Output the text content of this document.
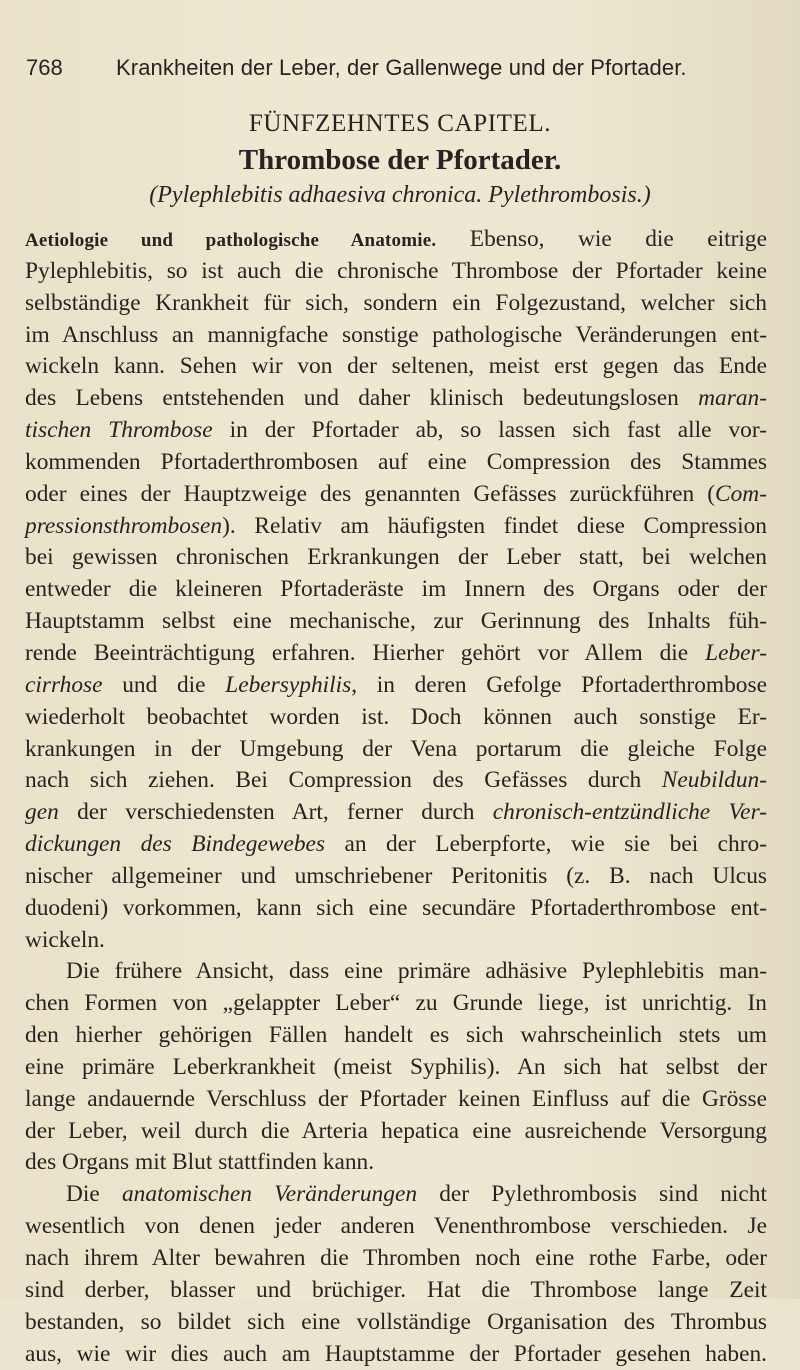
768 Krankheiten der Leber, der Gallenwege und der Pfortader.
FÜNFZEHNTES CAPITEL.
Thrombose der Pfortader.
(Pylephlebitis adhaesiva chronica. Pylethrombosis.)
Aetiologie und pathologische Anatomie. Ebenso, wie die eitrige
Pylephlebitis, so ist auch die chronische Thrombose der Pfortader keine
selbständige Krankheit für sich, sondern ein Folgezustand, welcher sich
im Anschluss an mannigfache sonstige pathologische Veränderungen ent-
wickeln kann. Sehen wir von der seltenen, meist erst gegen das Ende
des Lebens entstehenden und daher klinisch bedeutungslosen maran-
tischen Thrombose in der Pfortader ab, so lassen sich fast alle vor-
kommenden Pfortaderthrombosen auf eine Compression des Stammes
oder eines der Hauptzweige des genannten Gefässes zurückführen (Com-
pressionsthrombosen). Relativ am häufigsten findet diese Compression
bei gewissen chronischen Erkrankungen der Leber statt, bei welchen
entweder die kleineren Pfortaderäste im Innern des Organs oder der
Hauptstamm selbst eine mechanische, zur Gerinnung des Inhalts füh-
rende Beeinträchtigung erfahren. Hierher gehört vor Allem die Leber-
cirrhose und die Lebersyphilis, in deren Gefolge Pfortaderthrombose
wiederholt beobachtet worden ist. Doch können auch sonstige Er-
krankungen in der Umgebung der Vena portarum die gleiche Folge
nach sich ziehen. Bei Compression des Gefässes durch Neubildun-
gen der verschiedensten Art, ferner durch chronisch-entzündliche Ver-
dickungen des Bindegewebes an der Leberpforte, wie sie bei chro-
nischer allgemeiner und umschriebener Peritonitis (z. B. nach Ulcus
duodeni) vorkommen, kann sich eine secundäre Pfortaderthrombose ent-
wickeln.
Die frühere Ansicht, dass eine primäre adhäsive Pylephlebitis man-
chen Formen von „gelappter Leber“ zu Grunde liege, ist unrichtig. In
den hierher gehörigen Fällen handelt es sich wahrscheinlich stets um
eine primäre Leberkrankheit (meist Syphilis). An sich hat selbst der
lange andauernde Verschluss der Pfortader keinen Einfluss auf die Grösse
der Leber, weil durch die Arteria hepatica eine ausreichende Versorgung
des Organs mit Blut stattfinden kann.
Die anatomischen Veränderungen der Pylethrombosis sind nicht
wesentlich von denen jeder anderen Venenthrombose verschieden. Je
nach ihrem Alter bewahren die Thromben noch eine rothe Farbe, oder
sind derber, blasser und brüchiger. Hat die Thrombose lange Zeit
bestanden, so bildet sich eine vollständige Organisation des Thrombus
aus, wie wir dies auch am Hauptstamme der Pfortader gesehen haben.
